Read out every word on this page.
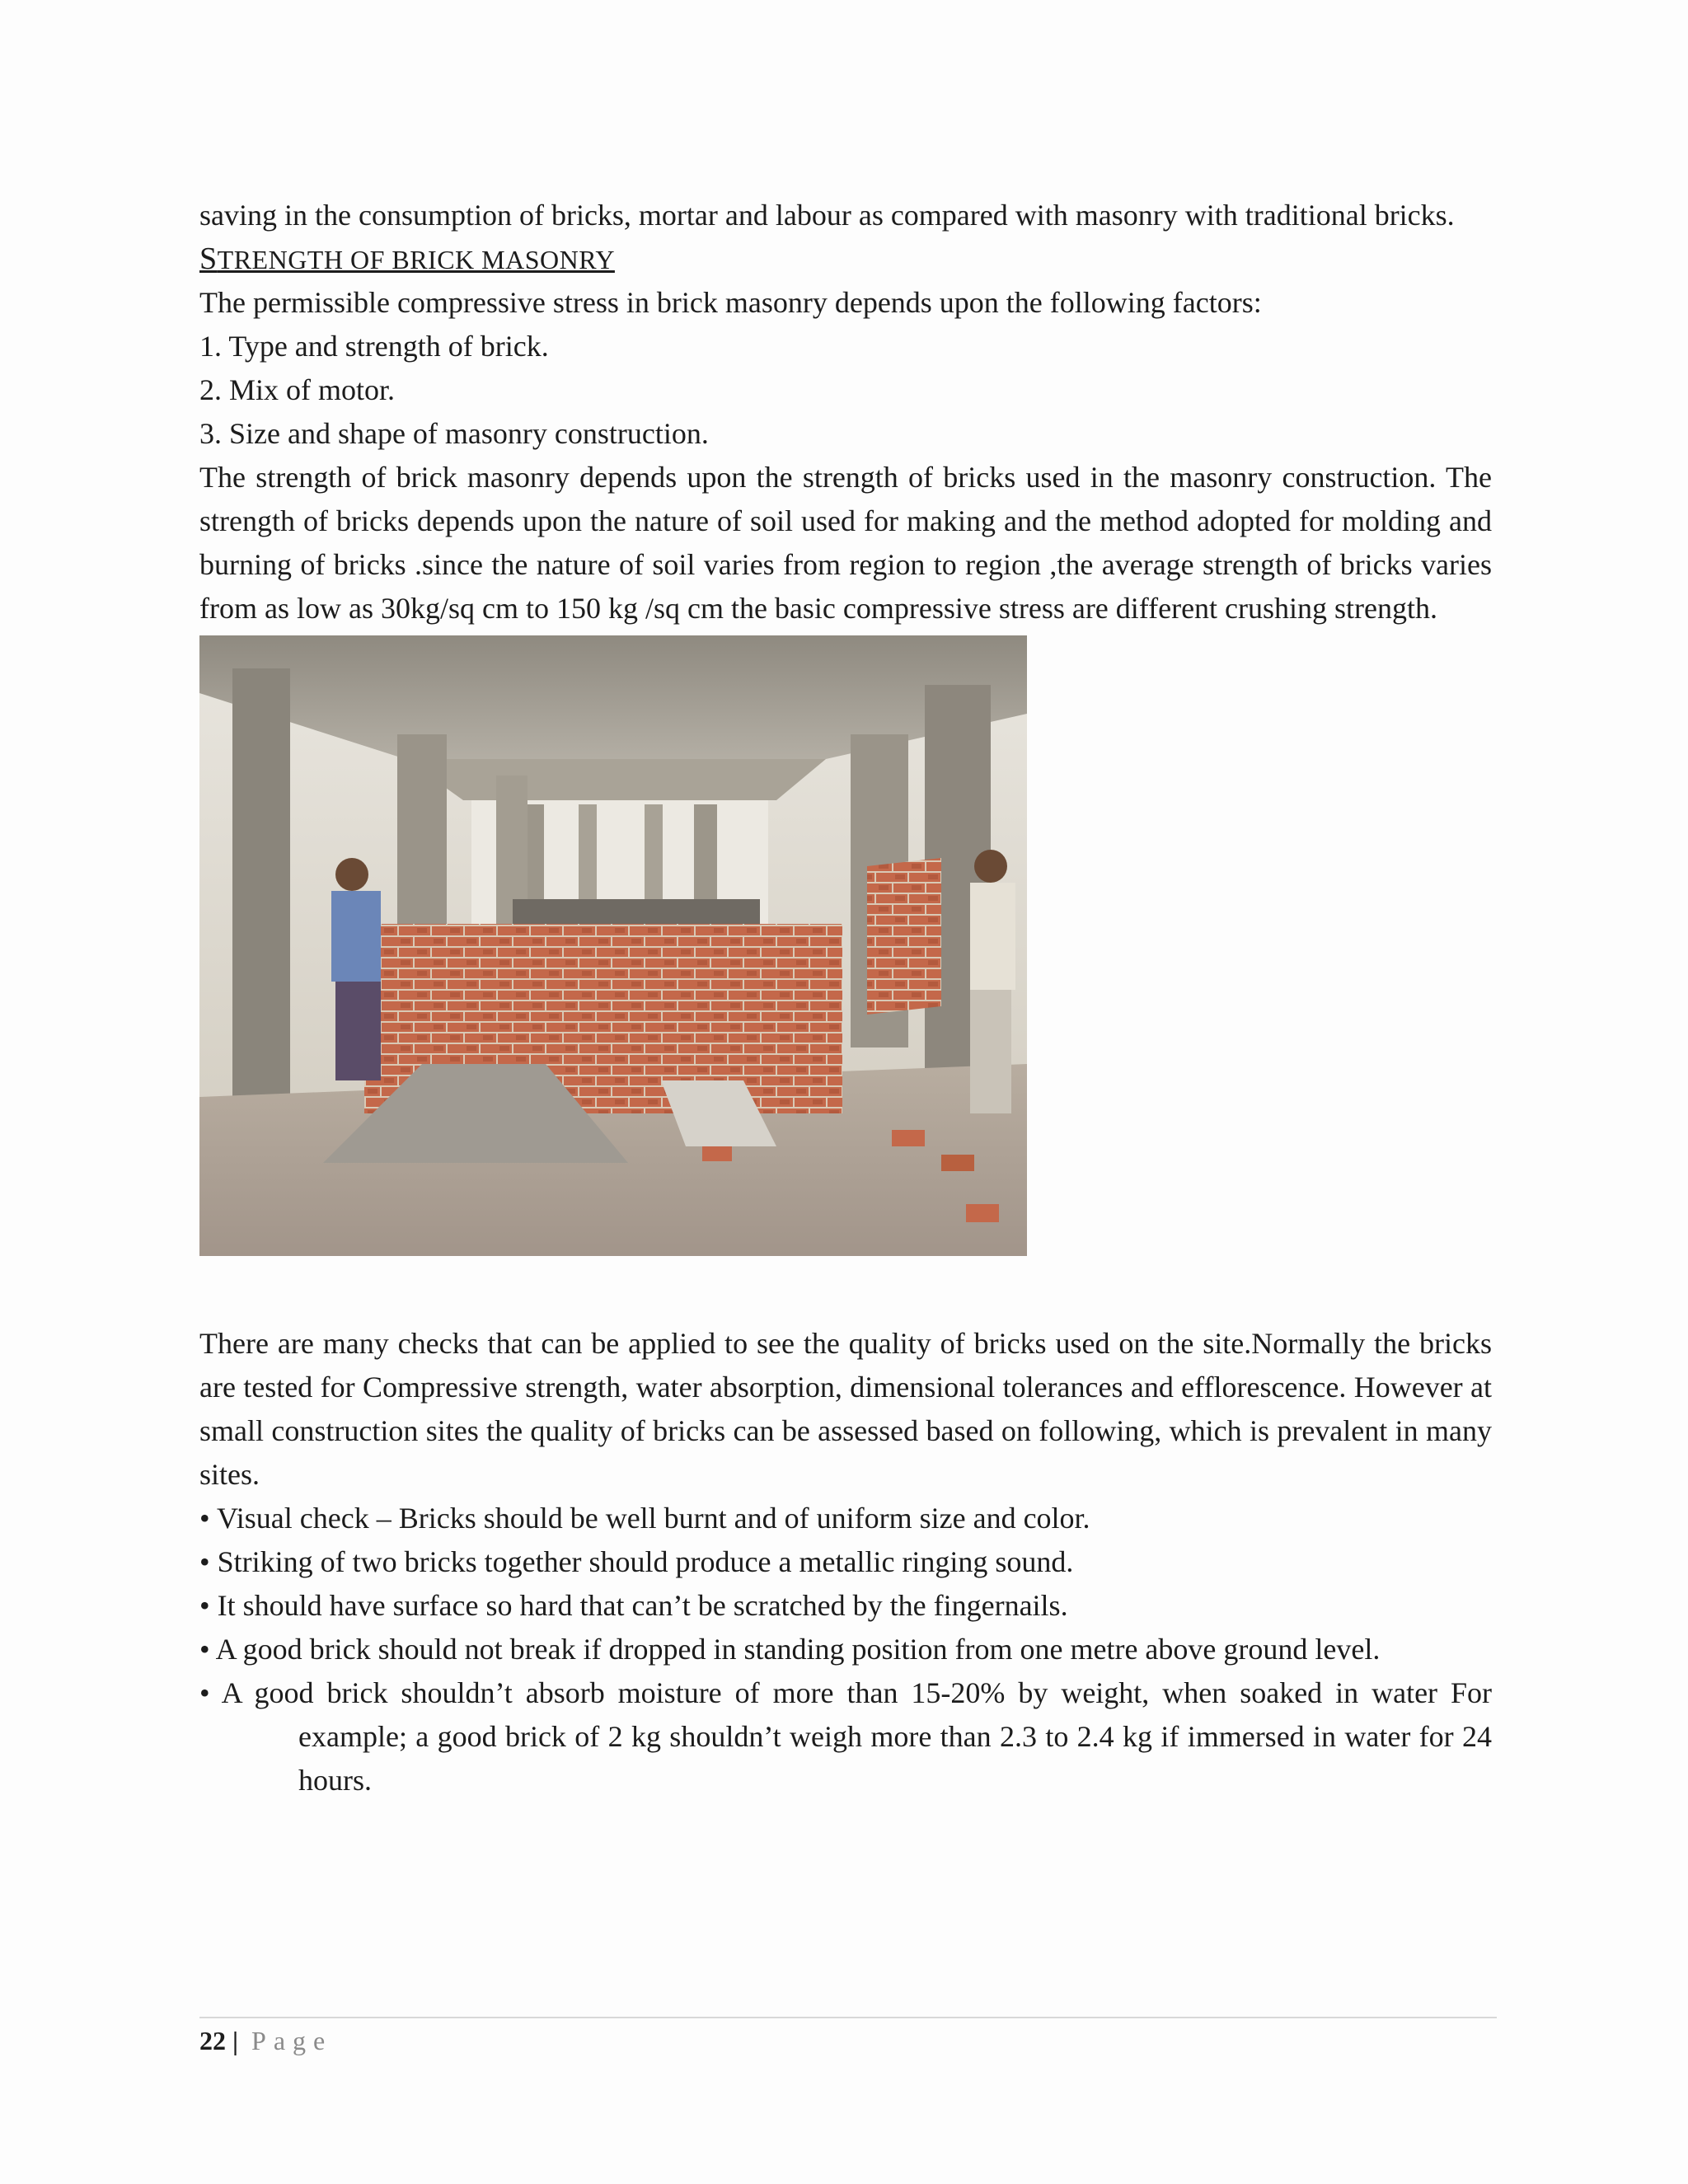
saving in the consumption of bricks, mortar and labour as compared with masonry with traditional bricks.

STRENGTH OF BRICK MASONRY

The permissible compressive stress in brick masonry depends upon the following factors:

1. Type and strength of brick.

2. Mix of motor.

3. Size and shape of masonry construction.

The strength of brick masonry depends upon the strength of bricks used in the masonry construction. The strength of bricks depends upon the nature of soil used for making and the method adopted for molding and burning of bricks .since the nature of soil varies from region to region ,the average strength of bricks varies from as low as 30kg/sq cm to 150 kg /sq cm the basic compressive stress are different crushing strength.

There are many checks that can be applied to see the quality of bricks used on the site.Normally the bricks are tested for Compressive strength, water absorption, dimensional tolerances and efflorescence. However at small construction sites the quality of bricks can be assessed based on following, which is prevalent in many sites.

• Visual check – Bricks should be well burnt and of uniform size and color.

• Striking of two bricks together should produce a metallic ringing sound.

• It should have surface so hard that can’t be scratched by the fingernails.

• A good brick should not break if dropped in standing position from one metre above ground level.

• A good brick shouldn’t absorb moisture of more than 15-20% by weight, when soaked in water For example; a good brick of 2 kg shouldn’t weigh more than 2.3 to 2.4 kg if immersed in water for 24 hours.

22 | Page
